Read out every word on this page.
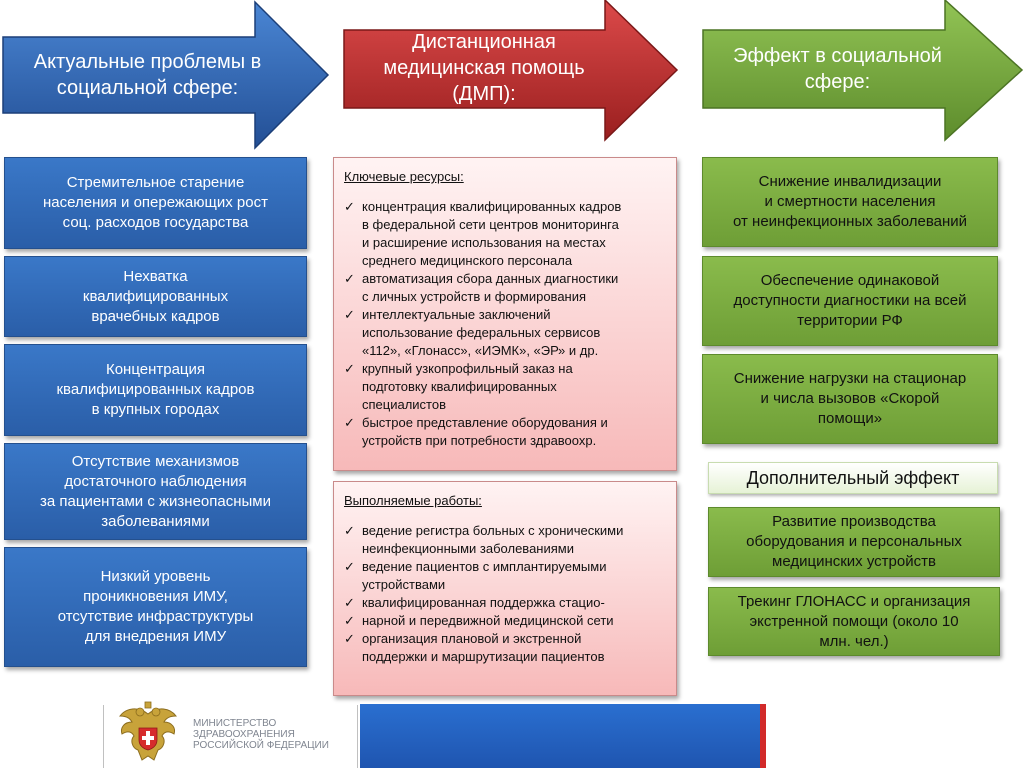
Актуальные проблемы в
социальной сфере:
Дистанционная
медицинская помощь
(ДМП):
Эффект в социальной
сфере:
Стремительное старение
населения и опережающих рост
соц. расходов государства
Нехватка
квалифицированных
врачебных кадров
Концентрация
квалифицированных кадров
в крупных городах
Отсутствие механизмов
достаточного наблюдения
за пациентами с жизнеопасными
заболеваниями
Низкий уровень
проникновения ИМУ,
отсутствие инфраструктуры
для внедрения ИМУ
Ключевые ресурсы:
✓ концентрация квалифицированных кадров
в федеральной сети центров мониторинга
и расширение использования на местах
среднего медицинского персонала
✓ автоматизация сбора данных диагностики
с личных устройств и формирования
✓ интеллектуальные заключений
использование федеральных сервисов
«112», «Глонасс», «ИЭМК», «ЭР» и др.
✓ крупный узкопрофильный заказ на
подготовку квалифицированных
специалистов
✓ быстрое представление оборудования и
устройств при потребности здравоохр.
Выполняемые работы:
✓ ведение регистра больных с хроническими
неинфекционными заболеваниями
✓ ведение пациентов с имплантируемыми
устройствами
✓ квалифицированная поддержка стацио-
✓ нарной и передвижной медицинской сети
✓ организация плановой и экстренной
поддержки и маршрутизации пациентов
Снижение инвалидизации
и смертности населения
от неинфекционных заболеваний
Обеспечение одинаковой
доступности диагностики на всей
территории РФ
Снижение нагрузки на стационар
и числа вызовов «Скорой
помощи»
Дополнительный эффект
Развитие производства
оборудования и персональных
медицинских устройств
Трекинг ГЛОНАСС и организация
экстренной помощи (около 10
млн. чел.)
МИНИСТЕРСТВО
ЗДРАВООХРАНЕНИЯ
РОССИЙСКОЙ ФЕДЕРАЦИИ
